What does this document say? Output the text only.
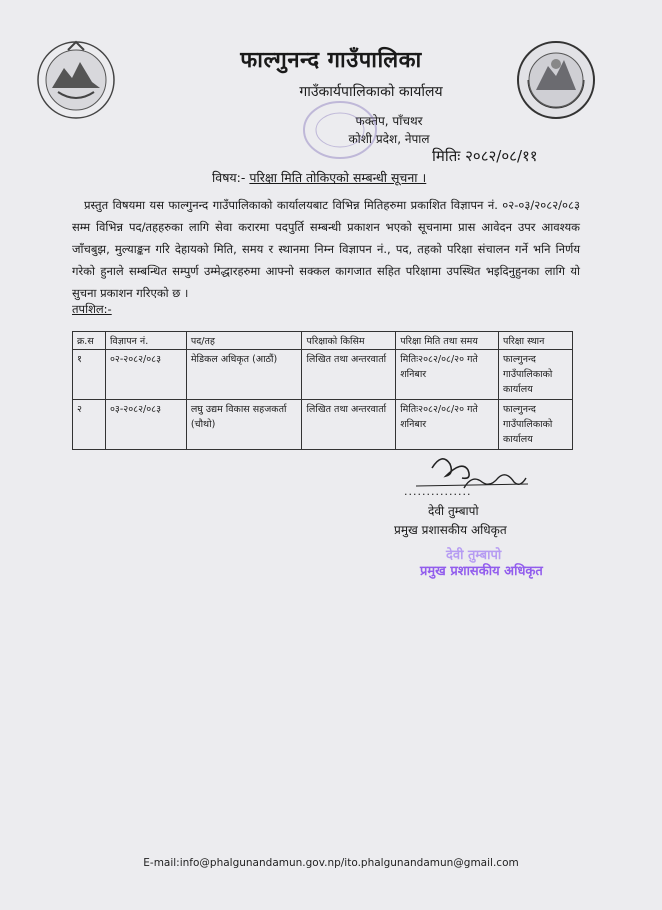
फाल्गुनन्द गाउँपालिका
गाउँकार्यपालिकाको कार्यालय
फक्तेप, पाँचथर
कोशी प्रदेश, नेपाल
मितिः २०८२/०८/११
विषय:- परिक्षा मिति तोकिएको सम्बन्धी सूचना ।
प्रस्तुत विषयमा यस फाल्गुनन्द गाउँपालिकाको कार्यालयबाट विभिन्न मितिहरुमा प्रकाशित विज्ञापन नं. ०२-०३/२०८२/०८३ सम्म विभिन्न पद/तहहरुका लागि सेवा करारमा पदपुर्ति सम्बन्धी प्रकाशन भएको सूचनामा प्रास आवेदन उपर आवश्यक जाँचबुझ, मुल्याङ्कन गरि देहायको मिति, समय र स्थानमा निम्न विज्ञापन नं., पद, तहको परिक्षा संचालन गर्ने भनि निर्णय गरेको हुनाले सम्बन्धित सम्पुर्ण उम्मेद्धारहरुमा आफ्नो सक्कल कागजात सहित परिक्षामा उपस्थित भइदिनुहुनका लागि यो सुचना प्रकाशन गरिएको छ ।
तपशिल:-
क्र.स	विज्ञापन नं.	पद/तह	परिक्षाको किसिम	परिक्षा मिति तथा समय	परिक्षा स्थान
१	०२-२०८२/०८३	मेडिकल अधिकृत (आठौं)	लिखित तथा अन्तरवार्ता	मितिः२०८२/०८/२० गते शनिबार	फाल्गुनन्द गाउँपालिकाको कार्यालय
२	०३-२०८२/०८३	लघु उद्यम विकास सहजकर्ता (चौथो)	लिखित तथा अन्तरवार्ता	मितिः२०८२/०८/२० गते शनिबार	फाल्गुनन्द गाउँपालिकाको कार्यालय
...............
देवी तुम्बापो
प्रमुख प्रशासकीय अधिकृत
देवी तुम्बापो
प्रमुख प्रशासकीय अधिकृत
E-mail:info@phalgunandamun.gov.np/ito.phalgunandamun@gmail.com
